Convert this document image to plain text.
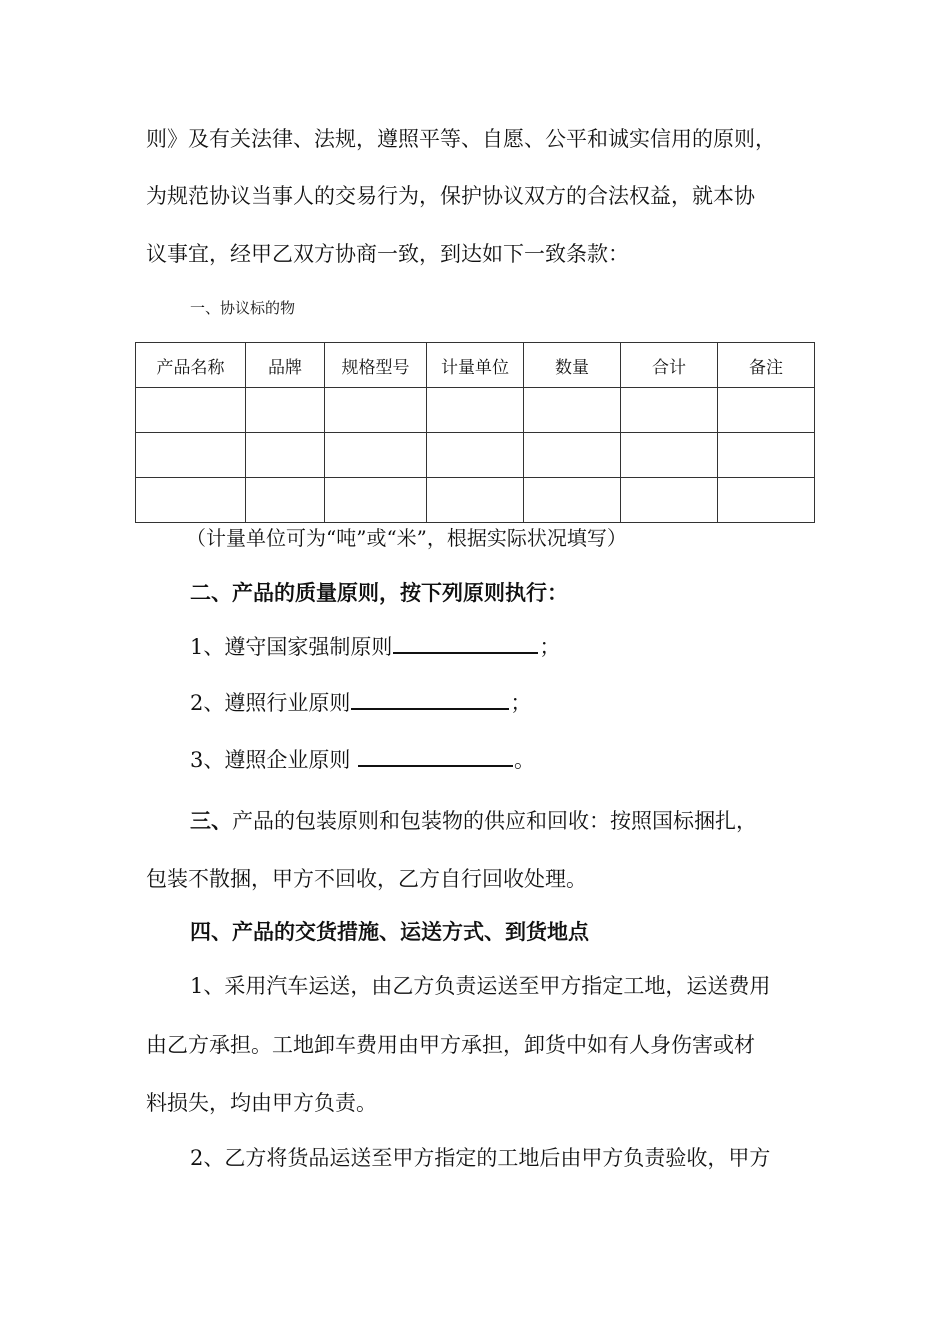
则》及有关法律、法规，遵照平等、自愿、公平和诚实信用的原则，
为规范协议当事人的交易行为，保护协议双方的合法权益，就本协
议事宜，经甲乙双方协商一致，到达如下一致条款：
一、协议标的物
产品名称	品牌	规格型号	计量单位	数量	合计	备注

（计量单位可为“吨”或“米”，根据实际状况填写）
二、产品的质量原则，按下列原则执行：
1、遵守国家强制原则	；
2、遵照行业原则	；
3、遵照企业原则	。
三、产品的包装原则和包装物的供应和回收：按照国标捆扎，
包装不散捆，甲方不回收，乙方自行回收处理。
四、产品的交货措施、运送方式、到货地点
1、采用汽车运送，由乙方负责运送至甲方指定工地，运送费用
由乙方承担。工地卸车费用由甲方承担，卸货中如有人身伤害或材
料损失，均由甲方负责。
2、乙方将货品运送至甲方指定的工地后由甲方负责验收，甲方
